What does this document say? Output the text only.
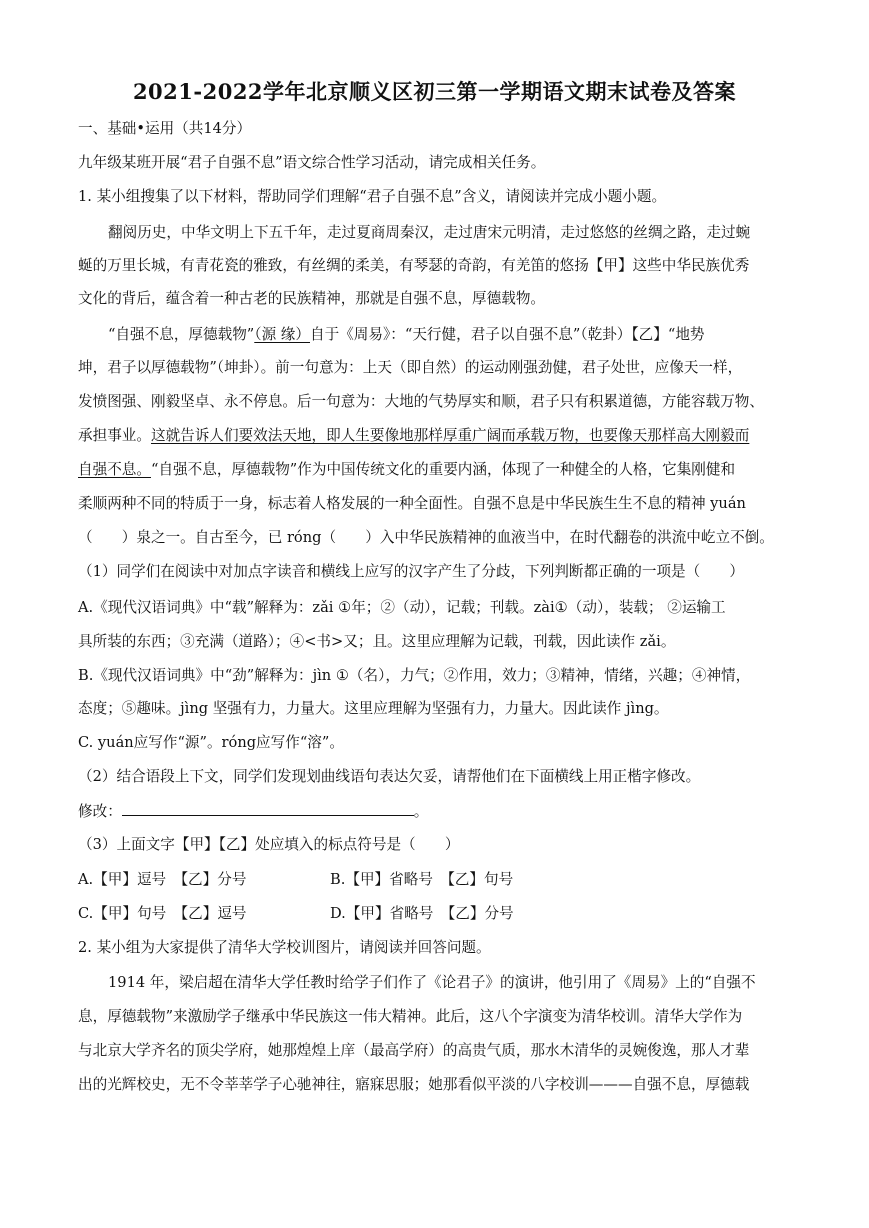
2021-2022学年北京顺义区初三第一学期语文期末试卷及答案
一、基础•运用（共14分）
九年级某班开展“君子自强不息”语文综合性学习活动，请完成相关任务。
1. 某小组搜集了以下材料，帮助同学们理解“君子自强不息”含义，请阅读并完成小题小题。
翻阅历史，中华文明上下五千年，走过夏商周秦汉，走过唐宋元明清，走过悠悠的丝绸之路，走过蜿
蜒的万里长城，有青花瓷的雅致，有丝绸的柔美，有琴瑟的奇韵，有羌笛的悠扬【甲】这些中华民族优秀
文化的背后，蕴含着一种古老的民族精神，那就是自强不息，厚德载物。
“自强不息，厚德载物”（源 缘）自于《周易》：“天行健，君子以自强不息”（乾卦）【乙】“地势
坤，君子以厚德载物”（坤卦）。前一句意为：上天（即自然）的运动刚强劲健，君子处世，应像天一样，
发愤图强、刚毅坚卓、永不停息。后一句意为：大地的气势厚实和顺，君子只有积累道德，方能容载万物、
承担事业。这就告诉人们要效法天地，即人生要像地那样厚重广阔而承载万物，也要像天那样高大刚毅而
自强不息。“自强不息，厚德载物”作为中国传统文化的重要内涵，体现了一种健全的人格，它集刚健和
柔顺两种不同的特质于一身，标志着人格发展的一种全面性。自强不息是中华民族生生不息的精神 yuán
（　　）泉之一。自古至今，已 róng（　　）入中华民族精神的血液当中，在时代翻卷的洪流中屹立不倒。
（1）同学们在阅读中对加点字读音和横线上应写的汉字产生了分歧，下列判断都正确的一项是（　　）
A.《现代汉语词典》中“载”解释为：zǎi ①年；②（动），记载；刊载。zài①（动），装载； ②运输工
具所装的东西；③充满（道路）；④<书>又；且。这里应理解为记载，刊载，因此读作 zǎi。
B.《现代汉语词典》中“劲”解释为：jìn ①（名），力气；②作用，效力；③精神，情绪，兴趣；④神情，
态度；⑤趣味。jìng 坚强有力，力量大。这里应理解为坚强有力，力量大。因此读作 jìng。
C. yuán应写作“源”。róng应写作“溶”。
（2）结合语段上下文，同学们发现划曲线语句表达欠妥，请帮他们在下面横线上用正楷字修改。
修改：	。
（3）上面文字【甲】【乙】处应填入的标点符号是（　　）
A.【甲】逗号　【乙】分号	B.【甲】省略号　【乙】句号
C.【甲】句号　【乙】逗号	D.【甲】省略号　【乙】分号
2. 某小组为大家提供了清华大学校训图片，请阅读并回答问题。
1914 年，梁启超在清华大学任教时给学子们作了《论君子》的演讲，他引用了《周易》上的“自强不
息，厚德载物”来激励学子继承中华民族这一伟大精神。此后，这八个字演变为清华校训。清华大学作为
与北京大学齐名的顶尖学府，她那煌煌上庠（最高学府）的高贵气质，那水木清华的灵婉俊逸，那人才辈
出的光辉校史，无不令莘莘学子心驰神往，寤寐思服；她那看似平淡的八字校训———自强不息，厚德载
